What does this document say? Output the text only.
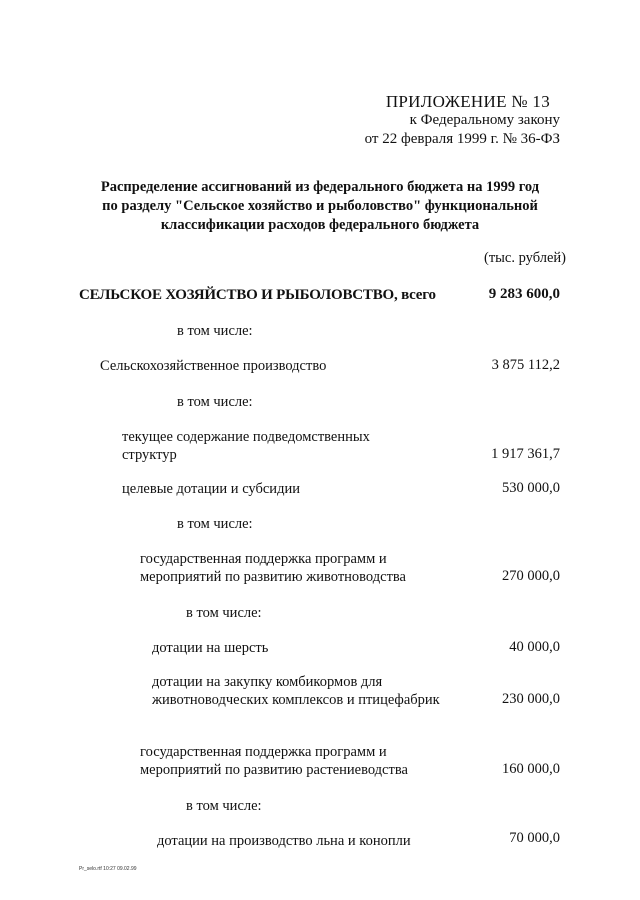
ПРИЛОЖЕНИЕ № 13
к Федеральному закону
от 22 февраля 1999 г. № 36-ФЗ
Распределение ассигнований из федерального бюджета на 1999 год
по разделу "Сельское хозяйство и рыболовство" функциональной
классификации расходов федерального бюджета
(тыс. рублей)
СЕЛЬСКОЕ ХОЗЯЙСТВО И РЫБОЛОВСТВО, всего	9 283 600,0
в том числе:
Сельскохозяйственное производство	3 875 112,2
в том числе:
текущее содержание подведомственных
структур	1 917 361,7
целевые дотации и субсидии	530 000,0
в том числе:
государственная поддержка программ и
мероприятий по развитию животноводства	270 000,0
в том числе:
дотации на шерсть	40 000,0
дотации на закупку комбикормов для
животноводческих комплексов и птицефабрик	230 000,0
государственная поддержка программ и
мероприятий по развитию растениеводства	160 000,0
в том числе:
дотации на производство льна и конопли	70 000,0
Pr_selo.rtf 10:27 09.02.99
